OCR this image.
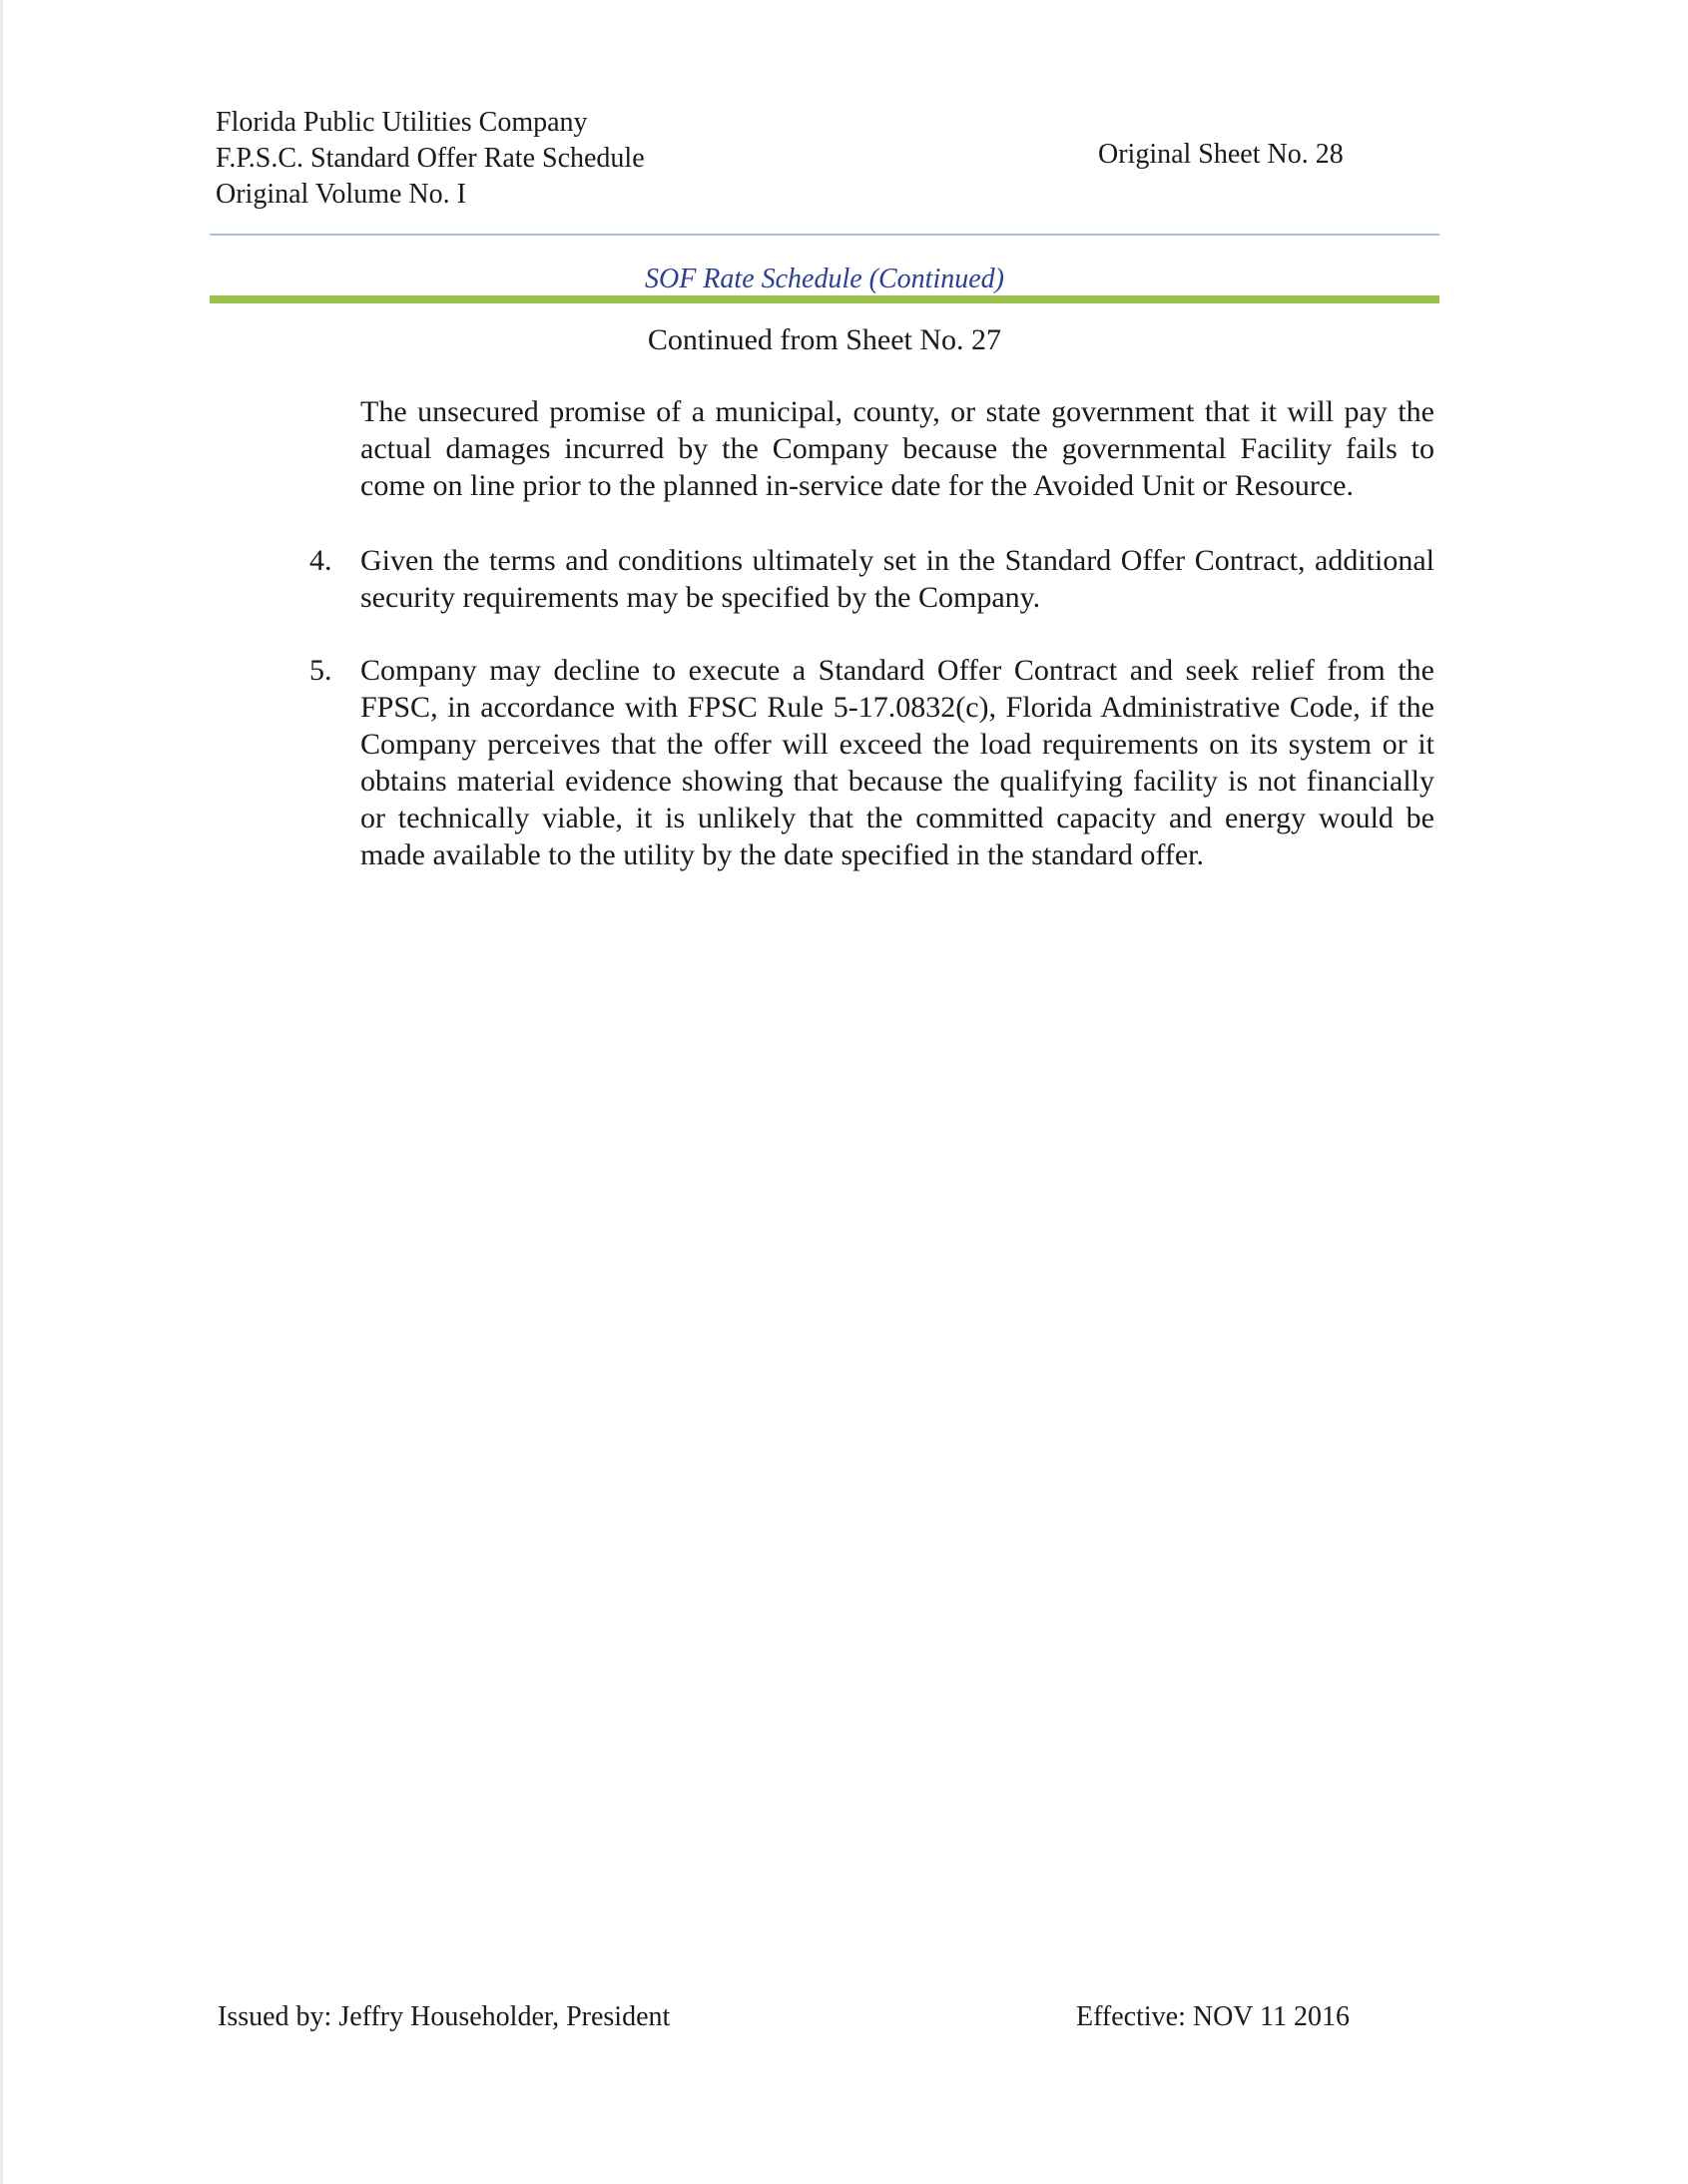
Florida Public Utilities Company
F.P.S.C. Standard Offer Rate Schedule
Original Volume No. I
Original Sheet No. 28
SOF Rate Schedule (Continued)
Continued from Sheet No. 27
The unsecured promise of a municipal, county, or state government that it will pay the actual damages incurred by the Company because the governmental Facility fails to come on line prior to the planned in-service date for the Avoided Unit or Resource.
4. Given the terms and conditions ultimately set in the Standard Offer Contract, additional security requirements may be specified by the Company.
5. Company may decline to execute a Standard Offer Contract and seek relief from the FPSC, in accordance with FPSC Rule 5-17.0832(c), Florida Administrative Code, if the Company perceives that the offer will exceed the load requirements on its system or it obtains material evidence showing that because the qualifying facility is not financially or technically viable, it is unlikely that the committed capacity and energy would be made available to the utility by the date specified in the standard offer.
Issued by: Jeffry Householder, President	Effective: NOV 11 2016
